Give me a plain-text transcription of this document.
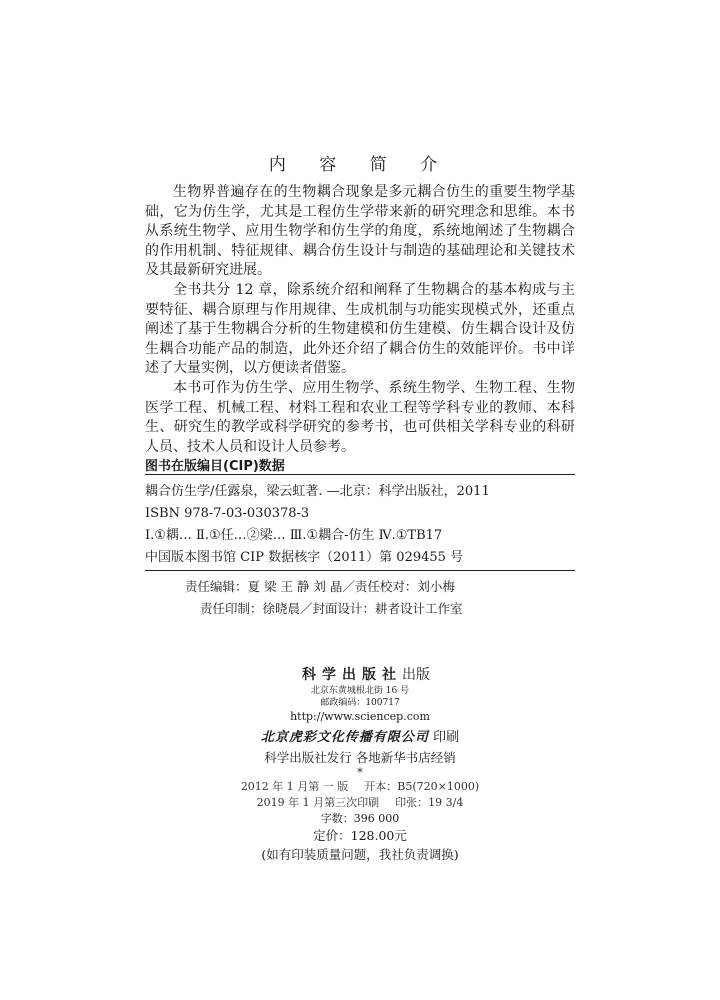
内 容 简 介

生物界普遍存在的生物耦合现象是多元耦合仿生的重要生物学基础，它为仿生学，尤其是工程仿生学带来新的研究理念和思维。本书从系统生物学、应用生物学和仿生学的角度，系统地阐述了生物耦合的作用机制、特征规律、耦合仿生设计与制造的基础理论和关键技术及其最新研究进展。

全书共分 12 章，除系统介绍和阐释了生物耦合的基本构成与主要特征、耦合原理与作用规律、生成机制与功能实现模式外，还重点阐述了基于生物耦合分析的生物建模和仿生建模、仿生耦合设计及仿生耦合功能产品的制造，此外还介绍了耦合仿生的效能评价。书中详述了大量实例，以方便读者借鉴。

本书可作为仿生学、应用生物学、系统生物学、生物工程、生物医学工程、机械工程、材料工程和农业工程等学科专业的教师、本科生、研究生的教学或科学研究的参考书，也可供相关学科专业的科研人员、技术人员和设计人员参考。

图书在版编目(CIP)数据
耦合仿生学/任露泉，梁云虹著. —北京：科学出版社，2011
ISBN 978-7-03-030378-3
Ⅰ.①耦… Ⅱ.①任…②梁… Ⅲ.①耦合-仿生 Ⅳ.①TB17
中国版本图书馆 CIP 数据核字（2011）第 029455 号
责任编辑：夏 梁 王 静 刘 晶／责任校对：刘小梅
责任印制：徐晓晨／封面设计：耕者设计工作室
科学出版社出版
北京东黄城根北街 16 号
邮政编码：100717
http://www.sciencep.com
北京虎彩文化传播有限公司 印刷
科学出版社发行 各地新华书店经销
*
2012 年 1 月第 一 版 开本：B5(720×1000)
2019 年 1 月第三次印刷 印张：19 3/4
字数：396 000
定价：128.00元
(如有印装质量问题，我社负责调换)
